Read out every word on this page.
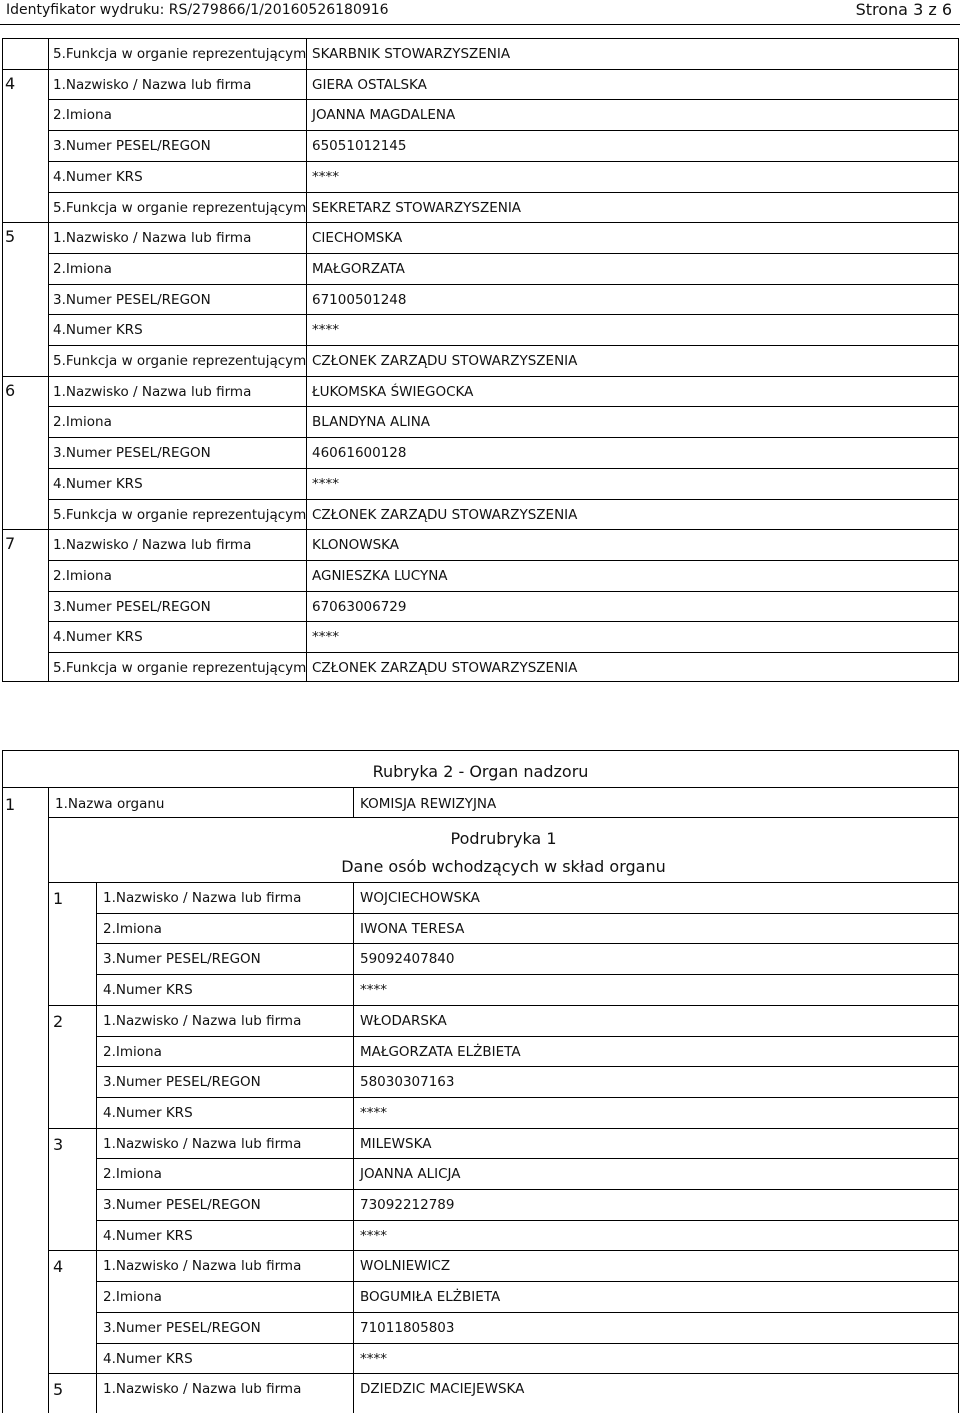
Identyfikator wydruku: RS/279866/1/20160526180916	Strona 3 z 6
5.Funkcja w organie reprezentującym SKARBNIK STOWARZYSZENIA
4	1.Nazwisko / Nazwa lub firma	GIERA OSTALSKA
2.Imiona	JOANNA MAGDALENA
3.Numer PESEL/REGON	65051012145
4.Numer KRS	****
5.Funkcja w organie reprezentującym SEKRETARZ STOWARZYSZENIA
5	1.Nazwisko / Nazwa lub firma	CIECHOMSKA
2.Imiona	MAŁGORZATA
3.Numer PESEL/REGON	67100501248
4.Numer KRS	****
5.Funkcja w organie reprezentującym CZŁONEK ZARZĄDU STOWARZYSZENIA
6	1.Nazwisko / Nazwa lub firma	ŁUKOMSKA ŚWIEGOCKA
2.Imiona	BLANDYNA ALINA
3.Numer PESEL/REGON	46061600128
4.Numer KRS	****
5.Funkcja w organie reprezentującym CZŁONEK ZARZĄDU STOWARZYSZENIA
7	1.Nazwisko / Nazwa lub firma	KLONOWSKA
2.Imiona	AGNIESZKA LUCYNA
3.Numer PESEL/REGON	67063006729
4.Numer KRS	****
5.Funkcja w organie reprezentującym CZŁONEK ZARZĄDU STOWARZYSZENIA
Rubryka 2 - Organ nadzoru
1	1.Nazwa organu	KOMISJA REWIZYJNA
Podrubryka 1
Dane osób wchodzących w skład organu
1	1.Nazwisko / Nazwa lub firma	WOJCIECHOWSKA
2.Imiona	IWONA TERESA
3.Numer PESEL/REGON	59092407840
4.Numer KRS	****
2	1.Nazwisko / Nazwa lub firma	WŁODARSKA
2.Imiona	MAŁGORZATA ELŻBIETA
3.Numer PESEL/REGON	58030307163
4.Numer KRS	****
3	1.Nazwisko / Nazwa lub firma	MILEWSKA
2.Imiona	JOANNA ALICJA
3.Numer PESEL/REGON	73092212789
4.Numer KRS	****
4	1.Nazwisko / Nazwa lub firma	WOLNIEWICZ
2.Imiona	BOGUMIŁA ELŻBIETA
3.Numer PESEL/REGON	71011805803
4.Numer KRS	****
5	1.Nazwisko / Nazwa lub firma	DZIEDZIC MACIEJEWSKA
